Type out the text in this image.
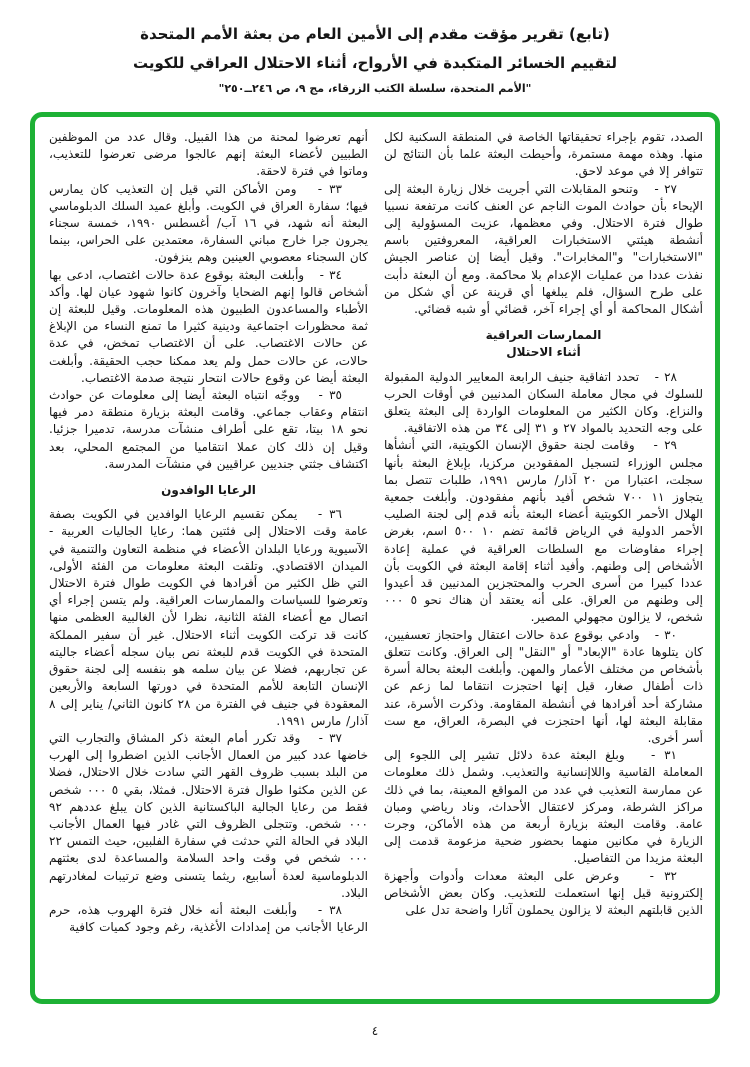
(تابع) تقرير مؤقت مقدم إلى الأمين العام من بعثة الأمم المتحدة
لتقييم الخسائر المتكبدة في الأرواح، أثناء الاحتلال العراقي للكويت
"الأمم المتحدة، سلسلة الكتب الزرقاء، مج ٩، ص ⁦٢٤٦ــ٢٥٠⁩"

الصدد، تقوم بإجراء تحقيقاتها الخاصة في المنطقة السكنية لكل منها. وهذه مهمة مستمرة، وأحيطت البعثة علما بأن النتائج لن تتوافر إلا في موعد لاحق.

٢٧ -   وتنحو المقابلات التي أجريت خلال زيارة البعثة إلى الإيحاء بأن حوادث الموت الناجم عن العنف كانت مرتفعة نسبيا طوال فترة الاحتلال. وفي معظمها، عزيت المسؤولية إلى أنشطة هيئتي الاستخبارات العراقية، المعروفتين باسم "الاستخبارات" و"المخابرات". وقيل أيضا إن عناصر الجيش نفذت عددا من عمليات الإعدام بلا محاكمة. ومع أن البعثة دأبت على طرح السؤال، فلم يبلغها أي قرينة عن أي شكل من أشكال المحاكمة أو أي إجراء آخر، قضائي أو شبه قضائي.

الممارسات العراقية
أثناء الاحتلال

٢٨ -   تحدد اتفاقية جنيف الرابعة المعايير الدولية المقبولة للسلوك في مجال معاملة السكان المدنيين في أوقات الحرب والنزاع. وكان الكثير من المعلومات الواردة إلى البعثة يتعلق على وجه التحديد بالمواد ٢٧ و ٣١ إلى ٣٤ من هذه الاتفاقية.

٢٩ -   وقامت لجنة حقوق الإنسان الكويتية، التي أنشأها مجلس الوزراء لتسجيل المفقودين مركزيا، بإبلاغ البعثة بأنها سجلت، اعتبارا من ٢٠ آذار/ مارس ١٩٩١، طلبات تتصل بما يتجاوز ١١ ٧٠٠ شخص أفيد بأنهم مفقودون. وأبلغت جمعية الهلال الأحمر الكويتية أعضاء البعثة بأنه قدم إلى لجنة الصليب الأحمر الدولية في الرياض قائمة تضم ١٠ ٥٠٠ اسم، بغرض إجراء مفاوضات مع السلطات العراقية في عملية إعادة الأشخاص إلى وطنهم. وأفيد أثناء إقامة البعثة في الكويت بأن عددا كبيرا من أسرى الحرب والمحتجزين المدنيين قد أعيدوا إلى وطنهم من العراق. على أنه يعتقد أن هناك نحو ٥ ٠٠٠ شخص، لا يزالون مجهولي المصير.

٣٠ -   وادعي بوقوع عدة حالات اعتقال واحتجاز تعسفيين، كان يتلوها عادة "الإبعاد" أو "النقل" إلى العراق. وكانت تتعلق بأشخاص من مختلف الأعمار والمهن. وأبلغت البعثة بحالة أسرة ذات أطفال صغار، قيل إنها احتجزت انتقاما لما زعم عن مشاركة أحد أفرادها في أنشطة المقاومة. وذكرت الأسرة، عند مقابلة البعثة لها، أنها احتجزت في البصرة، العراق، مع ست أسر أخرى.

٣١ -   وبلغ البعثة عدة دلائل تشير إلى اللجوء إلى المعاملة القاسية واللاإنسانية والتعذيب. وشمل ذلك معلومات عن ممارسة التعذيب في عدد من المواقع المعينة، بما في ذلك مراكز الشرطة، ومركز لاعتقال الأحداث، وناد رياضي ومبان عامة. وقامت البعثة بزيارة أربعة من هذه الأماكن، وجرت الزيارة في مكانين منهما بحضور ضحية مزعومة قدمت إلى البعثة مزيدا من التفاصيل.

٣٢ -   وعرض على البعثة معدات وأدوات وأجهزة إلكترونية قيل إنها استعملت للتعذيب. وكان بعض الأشخاص الذين قابلتهم البعثة لا يزالون يحملون آثارا واضحة تدل على

أنهم تعرضوا لمحنة من هذا القبيل. وقال عدد من الموظفين الطبيين لأعضاء البعثة إنهم عالجوا مرضى تعرضوا للتعذيب، وماتوا في فترة لاحقة.

٣٣ -   ومن الأماكن التي قيل إن التعذيب كان يمارس فيها؛ سفارة العراق في الكويت. وأبلغ عميد السلك الدبلوماسي البعثة أنه شهد، في ١٦ آب/ أغسطس ١٩٩٠، خمسة سجناء يجرون جرا خارج مباني السفارة، معتمدين على الحراس، بينما كان السجناء معصوبي العينين وهم ينزفون.

٣٤ -   وأبلغت البعثة بوقوع عدة حالات اغتصاب، ادعى بها أشخاص قالوا إنهم الضحايا وآخرون كانوا شهود عيان لها. وأكد الأطباء والمساعدون الطبيون هذه المعلومات. وقيل للبعثة إن ثمة محظورات اجتماعية ودينية كثيرا ما تمنع النساء من الإبلاغ عن حالات الاغتصاب. على أن الاغتصاب تمخض، في عدة حالات، عن حالات حمل ولم يعد ممكنا حجب الحقيقة. وأبلغت البعثة أيضا عن وقوع حالات انتحار نتيجة صدمة الاغتصاب.

٣٥ -   ووجّه انتباه البعثة أيضا إلى معلومات عن حوادث انتقام وعقاب جماعي. وقامت البعثة بزيارة منطقة دمر فيها نحو ١٨ بيتا، تقع على أطراف منشآت مدرسة، تدميرا جزئيا. وقيل إن ذلك كان عملا انتقاميا من المجتمع المحلي، بعد اكتشاف جثتي جنديين عراقيين في منشآت المدرسة.

الرعايا الوافدون

٣٦ -   يمكن تقسيم الرعايا الوافدين في الكويت بصفة عامة وقت الاحتلال إلى فئتين هما: رعايا الجاليات العربية - الآسيوية ورعايا البلدان الأعضاء في منظمة التعاون والتنمية في الميدان الاقتصادي. وتلقت البعثة معلومات من الفئة الأولى، التي ظل الكثير من أفرادها في الكويت طوال فترة الاحتلال وتعرضوا للسياسات والممارسات العراقية. ولم يتسن إجراء أي اتصال مع أعضاء الفئة الثانية، نظرا لأن الغالبية العظمى منها كانت قد تركت الكويت أثناء الاحتلال. غير أن سفير المملكة المتحدة في الكويت قدم للبعثة نص بيان سجله أعضاء جاليته عن تجاربهم، فضلا عن بيان سلمه هو بنفسه إلى لجنة حقوق الإنسان التابعة للأمم المتحدة في دورتها السابعة والأربعين المعقودة في جنيف في الفترة من ٢٨ كانون الثاني/ يناير إلى ٨ آذار/ مارس ١٩٩١.

٣٧ -   وقد تكرر أمام البعثة ذكر المشاق والتجارب التي خاضها عدد كبير من العمال الأجانب الذين اضطروا إلى الهرب من البلد بسبب ظروف القهر التي سادت خلال الاحتلال، فضلا عن الذين مكثوا طوال فترة الاحتلال. فمثلا، بقي ٥ ٠٠٠ شخص فقط من رعايا الجالية الباكستانية الذين كان يبلغ عددهم ٩٢ ٠٠٠ شخص. وتتجلى الظروف التي غادر فيها العمال الأجانب البلاد في الحالة التي حدثت في سفارة الفلبين، حيث التمس ٢٢ ٠٠٠ شخص في وقت واحد السلامة والمساعدة لدى بعثتهم الدبلوماسية لعدة أسابيع، ريثما يتسنى وضع ترتيبات لمغادرتهم البلاد.

٣٨ -   وأبلغت البعثة أنه خلال فترة الهروب هذه، حرم الرعايا الأجانب من إمدادات الأغذية، رغم وجود كميات كافية

٤
